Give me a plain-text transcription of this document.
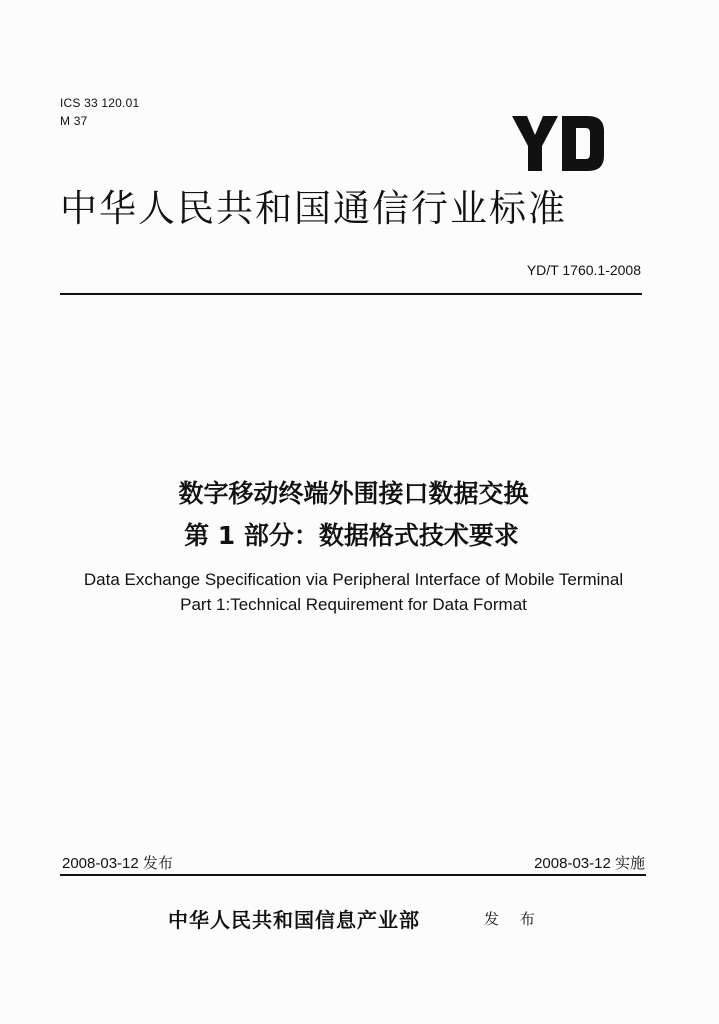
ICS 33 120.01
M 37
中华人民共和国通信行业标准
YD/T 1760.1-2008
数字移动终端外围接口数据交换
第 1 部分：数据格式技术要求
Data Exchange Specification via Peripheral Interface of Mobile Terminal
Part 1:Technical Requirement for Data Format
2008-03-12 发布	2008-03-12 实施
中华人民共和国信息产业部	发 布
